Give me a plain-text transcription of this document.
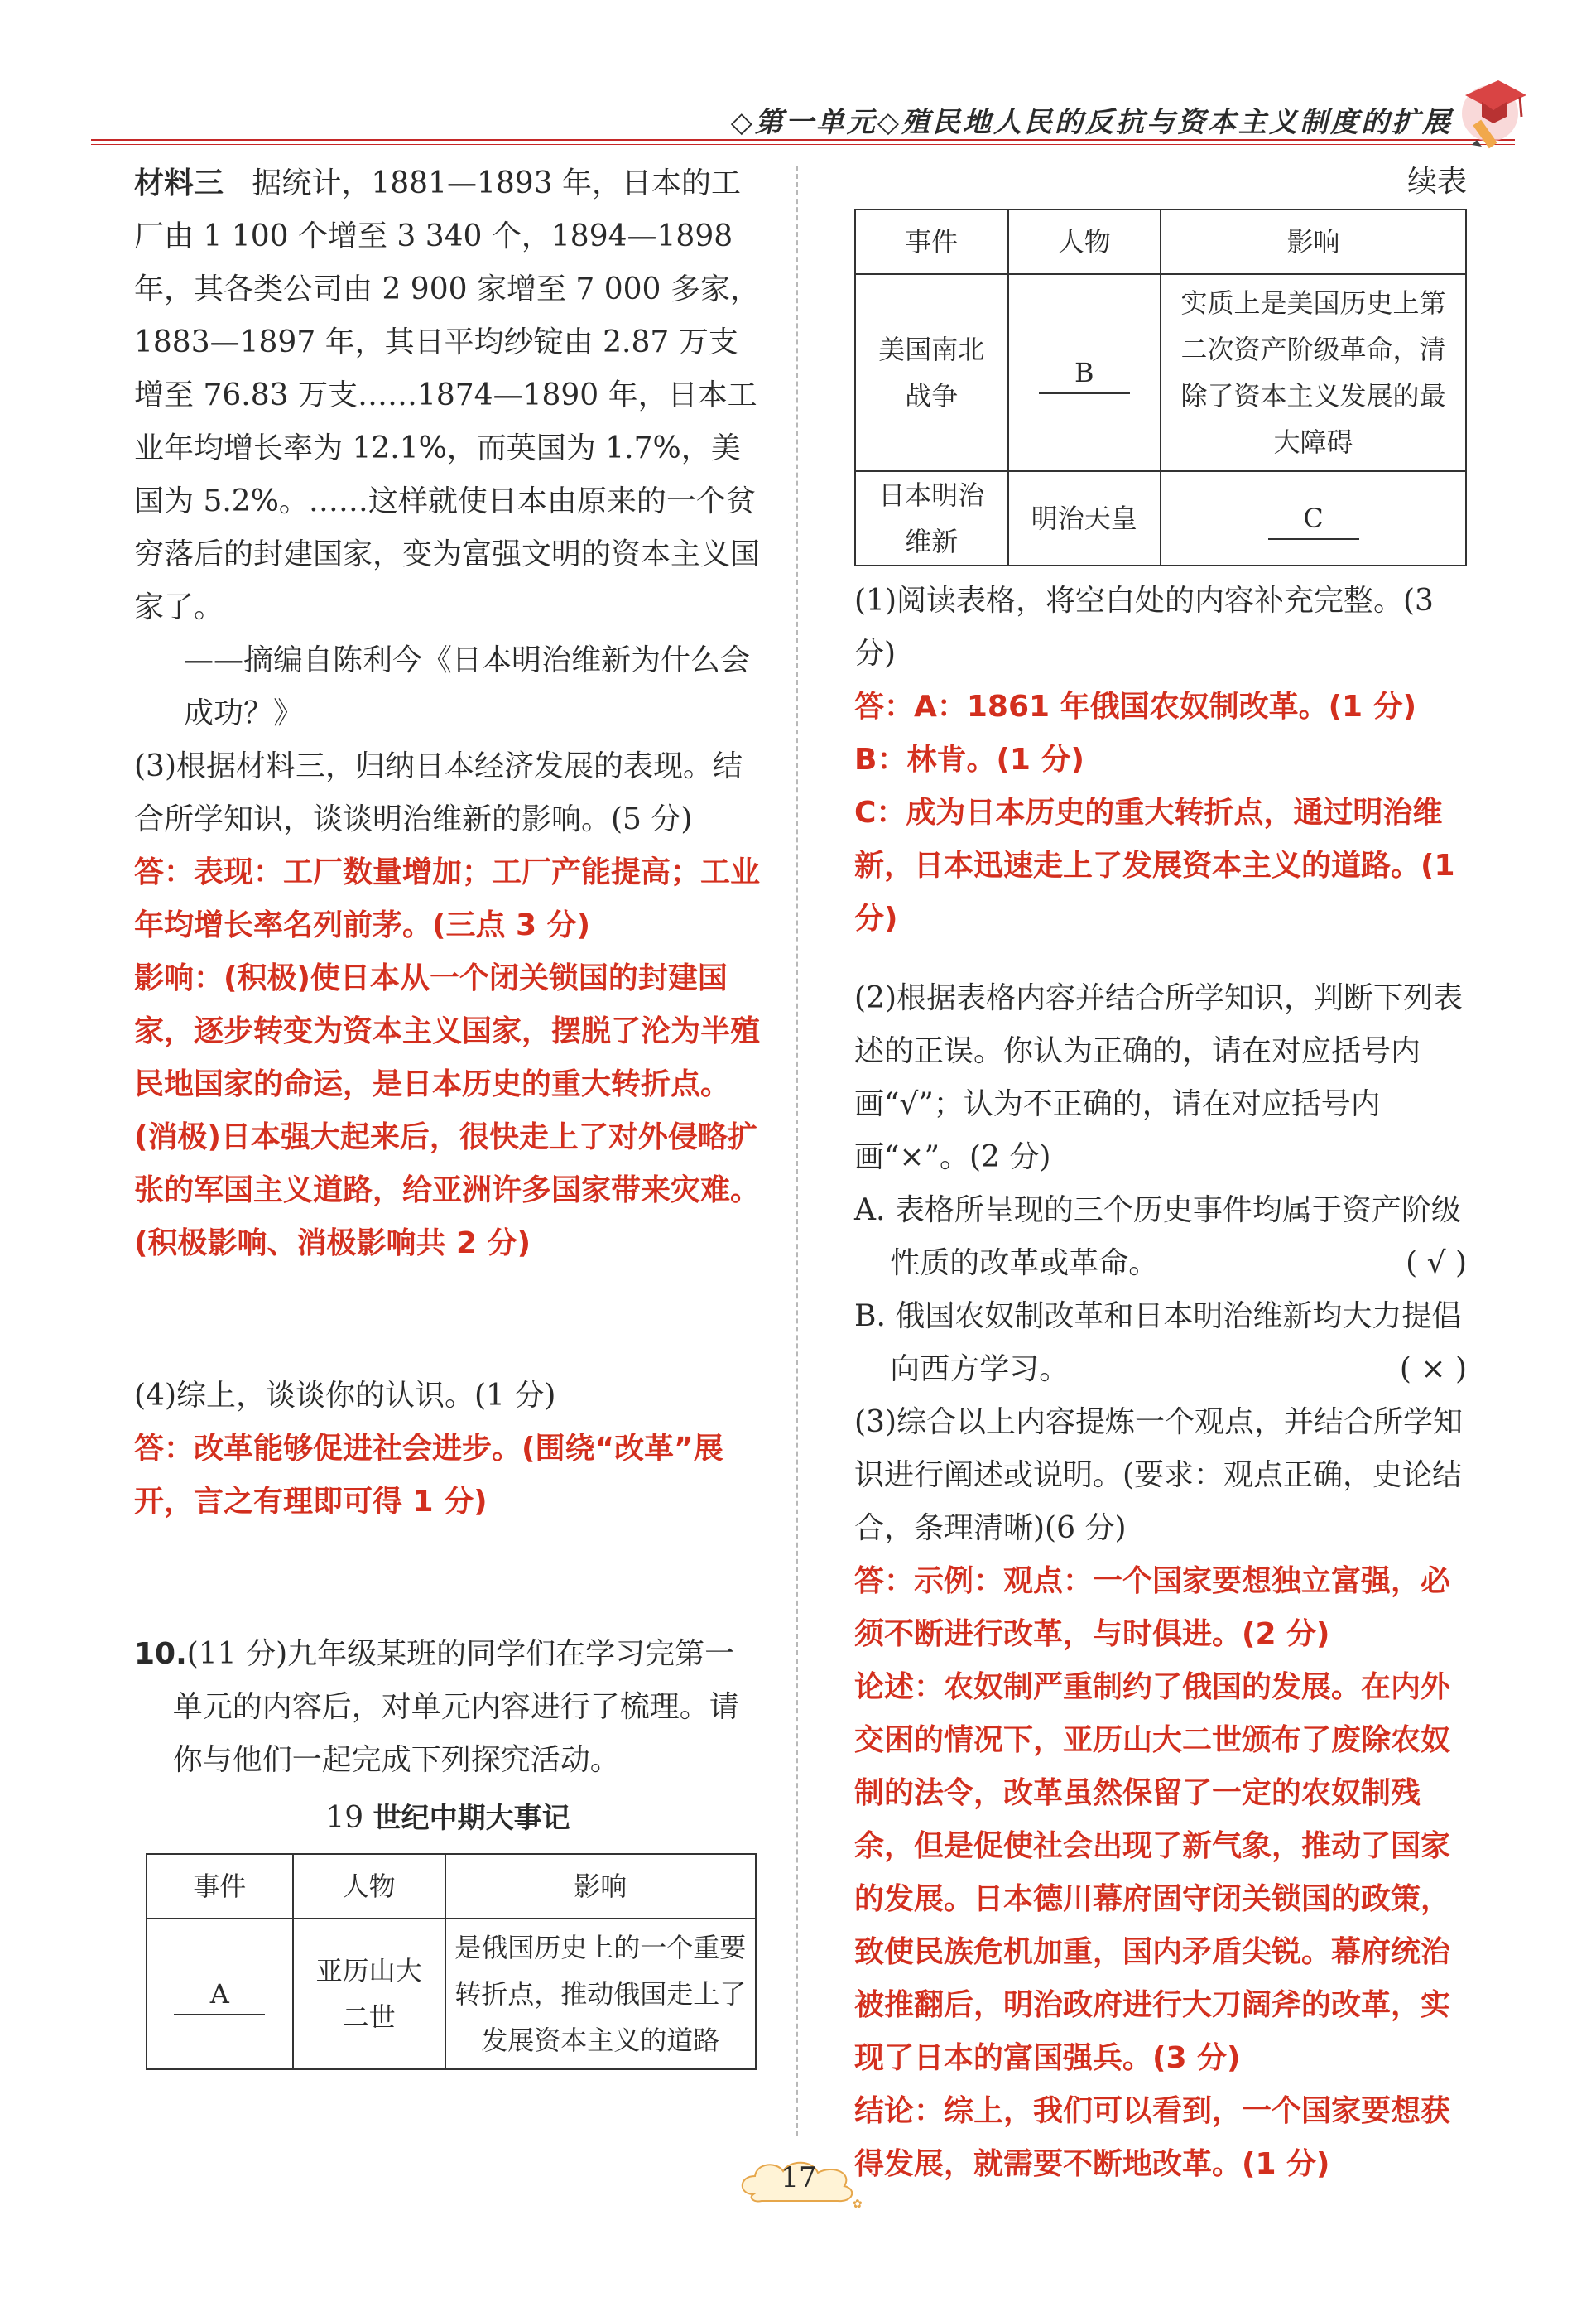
◇第一单元◇殖民地人民的反抗与资本主义制度的扩展

材料三 据统计，1881—1893 年，日本的工厂由 1 100 个增至 3 340 个，1894—1898 年，其各类公司由 2 900 家增至 7 000 多家，1883—1897 年，其日平均纱锭由 2.87 万支增至 76.83 万支……1874—1890 年，日本工业年均增长率为 12.1%，而英国为 1.7%，美国为 5.2%。……这样就使日本由原来的一个贫穷落后的封建国家，变为富强文明的资本主义国家了。

——摘编自陈利今《日本明治维新为什么会成功？》

(3)根据材料三，归纳日本经济发展的表现。结合所学知识，谈谈明治维新的影响。(5 分)

答：表现：工厂数量增加；工厂产能提高；工业年均增长率名列前茅。(三点 3 分)

影响：(积极)使日本从一个闭关锁国的封建国家，逐步转变为资本主义国家，摆脱了沦为半殖民地国家的命运，是日本历史的重大转折点。(消极)日本强大起来后，很快走上了对外侵略扩张的军国主义道路，给亚洲许多国家带来灾难。(积极影响、消极影响共 2 分)

(4)综上，谈谈你的认识。(1 分)

答：改革能够促进社会进步。(围绕“改革”展开，言之有理即可得 1 分)

10.(11 分)九年级某班的同学们在学习完第一单元的内容后，对单元内容进行了梳理。请你与他们一起完成下列探究活动。

19 世纪中期大事记

事件	人物	影响
A	亚历山大二世	是俄国历史上的一个重要转折点，推动俄国走上了发展资本主义的道路

续表

事件	人物	影响
美国南北战争	B	实质上是美国历史上第二次资产阶级革命，清除了资本主义发展的最大障碍
日本明治维新	明治天皇	C

(1)阅读表格，将空白处的内容补充完整。(3 分)

答：A：1861 年俄国农奴制改革。(1 分)

B：林肯。(1 分)

C：成为日本历史的重大转折点，通过明治维新，日本迅速走上了发展资本主义的道路。(1 分)

(2)根据表格内容并结合所学知识，判断下列表述的正误。你认为正确的，请在对应括号内画“√”；认为不正确的，请在对应括号内画“×”。(2 分)

A. 表格所呈现的三个历史事件均属于资产阶级性质的改革或革命。	( √ )

B. 俄国农奴制改革和日本明治维新均大力提倡向西方学习。	( × )

(3)综合以上内容提炼一个观点，并结合所学知识进行阐述或说明。(要求：观点正确，史论结合，条理清晰)(6 分)

答：示例：观点：一个国家要想独立富强，必须不断进行改革，与时俱进。(2 分)

论述：农奴制严重制约了俄国的发展。在内外交困的情况下，亚历山大二世颁布了废除农奴制的法令，改革虽然保留了一定的农奴制残余，但是促使社会出现了新气象，推动了国家的发展。日本德川幕府固守闭关锁国的政策，致使民族危机加重，国内矛盾尖锐。幕府统治被推翻后，明治政府进行大刀阔斧的改革，实现了日本的富国强兵。(3 分)

结论：综上，我们可以看到，一个国家要想获得发展，就需要不断地改革。(1 分)

✿
17
